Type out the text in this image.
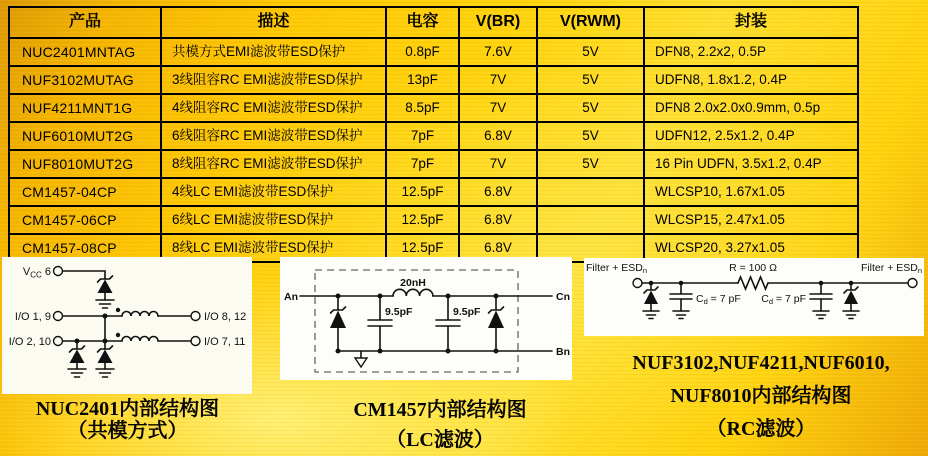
产品	描述	电容	V(BR)	V(RWM)	封装
NUC2401MNTAG	共模方式EMI滤波带ESD保护	0.8pF	7.6V	5V	DFN8, 2.2x2, 0.5P
NUF3102MUTAG	3线阻容RC EMI滤波带ESD保护	13pF	7V	5V	UDFN8, 1.8x1.2, 0.4P
NUF4211MNT1G	4线阻容RC EMI滤波带ESD保护	8.5pF	7V	5V	DFN8 2.0x2.0x0.9mm, 0.5p
NUF6010MUT2G	6线阻容RC EMI滤波带ESD保护	7pF	6.8V	5V	UDFN12, 2.5x1.2, 0.4P
NUF8010MUT2G	8线阻容RC EMI滤波带ESD保护	7pF	7V	5V	16 Pin UDFN, 3.5x1.2, 0.4P
CM1457-04CP	4线LC EMI滤波带ESD保护	12.5pF	6.8V		WLCSP10, 1.67x1.05
CM1457-06CP	6线LC EMI滤波带ESD保护	12.5pF	6.8V		WLCSP15, 2.47x1.05
CM1457-08CP	8线LC EMI滤波带ESD保护	12.5pF	6.8V		WLCSP20, 3.27x1.05
$V_{CC}$ 6
I/O 1, 9
I/O 2, 10
I/O 8, 12
I/O 7, 11
An	Cn
Bn
20nH
9.5pF	9.5pF
Filter + ESDn	Filter + ESDn
R = 100 Ω
Cd = 7 pF Cd = 7 pF
NUC2401内部结构图
（共模方式）
CM1457内部结构图
（LC滤波）
NUF3102,NUF4211,NUF6010,
NUF8010内部结构图
（RC滤波）
